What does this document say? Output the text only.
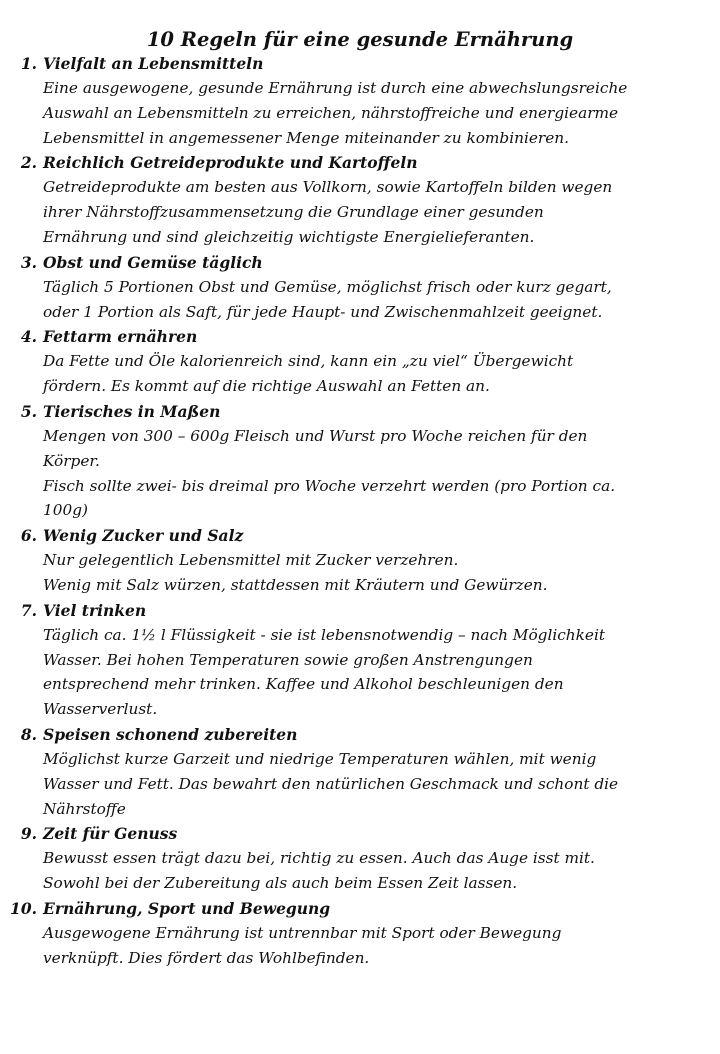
10 Regeln für eine gesunde Ernährung
1. Vielfalt an Lebensmitteln
Eine ausgewogene, gesunde Ernährung ist durch eine abwechslungsreiche
Auswahl an Lebensmitteln zu erreichen, nährstoffreiche und energiearme
Lebensmittel in angemessener Menge miteinander zu kombinieren.
2. Reichlich Getreideprodukte und Kartoffeln
Getreideprodukte am besten aus Vollkorn, sowie Kartoffeln bilden wegen
ihrer Nährstoffzusammensetzung die Grundlage einer gesunden
Ernährung und sind gleichzeitig wichtigste Energielieferanten.
3. Obst und Gemüse täglich
Täglich 5 Portionen Obst und Gemüse, möglichst frisch oder kurz gegart,
oder 1 Portion als Saft, für jede Haupt- und Zwischenmahlzeit geeignet.
4. Fettarm ernähren
Da Fette und Öle kalorienreich sind, kann ein „zu viel“ Übergewicht
fördern. Es kommt auf die richtige Auswahl an Fetten an.
5. Tierisches in Maßen
Mengen von 300 – 600g Fleisch und Wurst pro Woche reichen für den
Körper.
Fisch sollte zwei- bis dreimal pro Woche verzehrt werden (pro Portion ca.
100g)
6. Wenig Zucker und Salz
Nur gelegentlich Lebensmittel mit Zucker verzehren.
Wenig mit Salz würzen, stattdessen mit Kräutern und Gewürzen.
7. Viel trinken
Täglich ca. 1½ l Flüssigkeit - sie ist lebensnotwendig – nach Möglichkeit
Wasser. Bei hohen Temperaturen sowie großen Anstrengungen
entsprechend mehr trinken. Kaffee und Alkohol beschleunigen den
Wasserverlust.
8. Speisen schonend zubereiten
Möglichst kurze Garzeit und niedrige Temperaturen wählen, mit wenig
Wasser und Fett. Das bewahrt den natürlichen Geschmack und schont die
Nährstoffe
9. Zeit für Genuss
Bewusst essen trägt dazu bei, richtig zu essen. Auch das Auge isst mit.
Sowohl bei der Zubereitung als auch beim Essen Zeit lassen.
10. Ernährung, Sport und Bewegung
Ausgewogene Ernährung ist untrennbar mit Sport oder Bewegung
verknüpft. Dies fördert das Wohlbefinden.
